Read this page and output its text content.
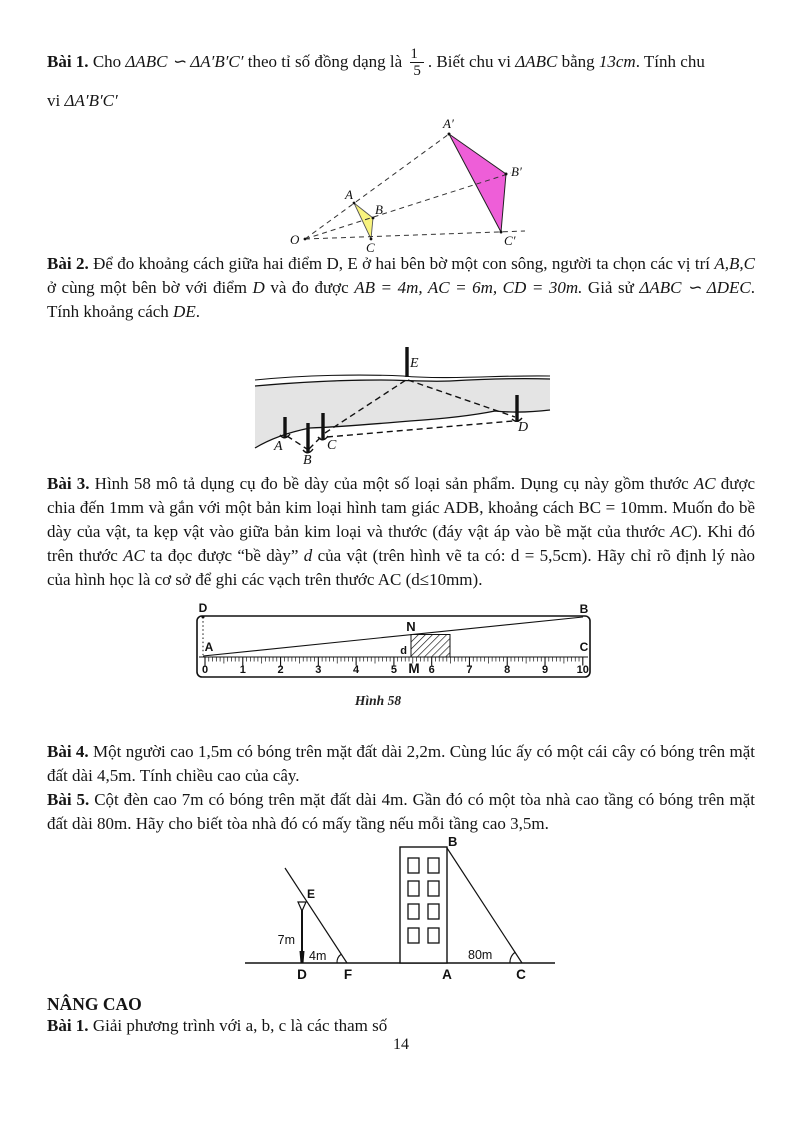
Bài 1. Cho ΔABC ∽ ΔA′B′C′ theo tỉ số đồng dạng là $\frac{1}{5}$. Biết chu vi ΔABC bằng 13cm. Tính chu
vi ΔA′B′C′
O
A
B
C
A′
B′
C′
Bài 2. Để đo khoảng cách giữa hai điểm D, E ở hai bên bờ một con sông, người ta chọn các vị trí A,B,C ở cùng một bên bờ với điểm D và đo được AB = 4m, AC = 6m, CD = 30m. Giả sử ΔABC ∽ ΔDEC. Tính khoảng cách DE.
A
B
C
D
E
Bài 3. Hình 58 mô tả dụng cụ đo bề dày của một số loại sản phẩm. Dụng cụ này gồm thước AC được chia đến 1mm và gắn với một bản kim loại hình tam giác ADB, khoảng cách BC = 10mm. Muốn đo bề dày của vật, ta kẹp vật vào giữa bản kim loại và thước (đáy vật áp vào bề mặt của thước AC). Khi đó trên thước AC ta đọc được “bề dày” d của vật (trên hình vẽ ta có: d = 5,5cm). Hãy chỉ rõ định lý nào của hình học là cơ sở để ghi các vạch trên thước AC (d≤10mm).
0	1	2	3	4	5	6	7	8	9	10
D	B
A	C
N
d
M
Hình 58
Bài 4. Một người cao 1,5m có bóng trên mặt đất dài 2,2m. Cùng lúc ấy có một cái cây có bóng trên mặt đất dài 4,5m. Tính chiều cao của cây.
Bài 5. Cột đèn cao 7m có bóng trên mặt đất dài 4m. Gần đó có một tòa nhà cao tầng có bóng trên mặt đất dài 80m. Hãy cho biết tòa nhà đó có mấy tầng nếu mỗi tầng cao 3,5m.
E
B
D	F	A	C
7m
4m	80m
NÂNG CAO
Bài 1. Giải phương trình với a, b, c là các tham số
14
